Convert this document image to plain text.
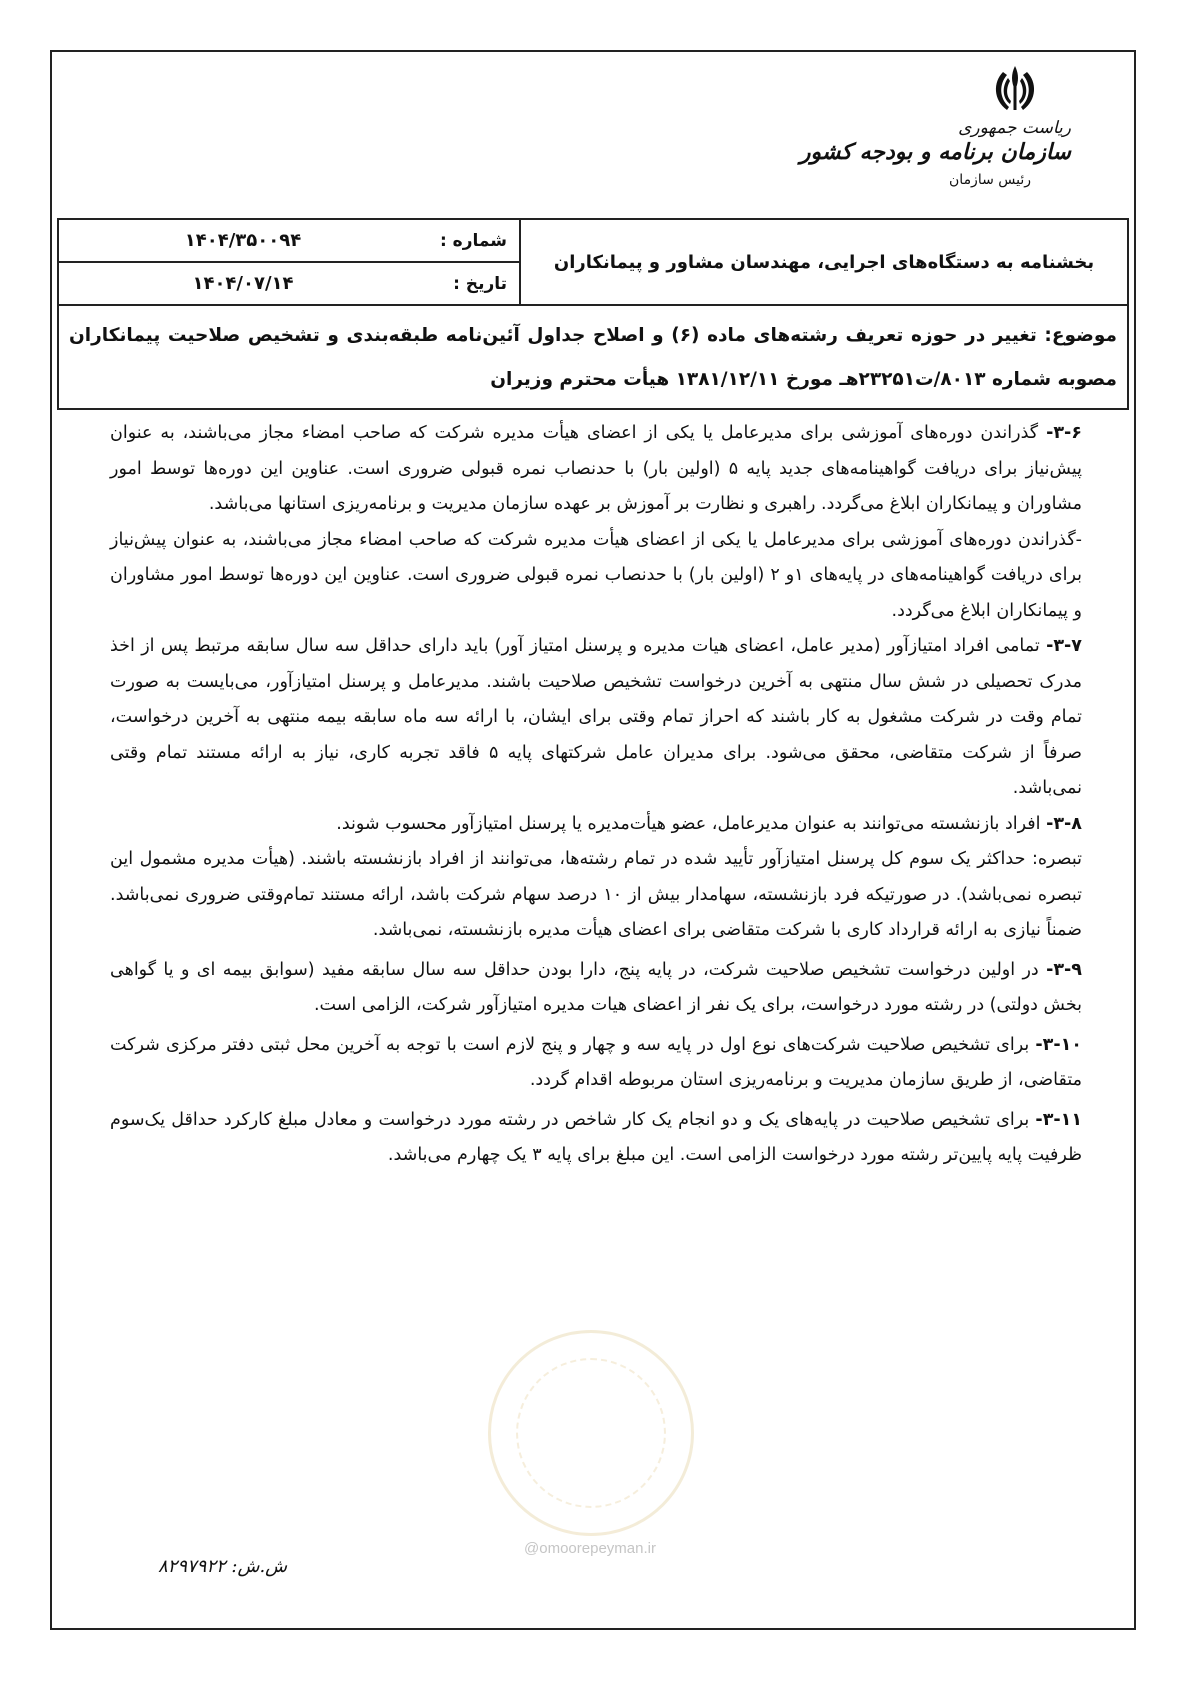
ریاست جمهوری
سازمان برنامه و بودجه کشور
رئیس سازمان
بخشنامه به دستگاه‌های اجرایی، مهندسان مشاور و پیمانکاران
شماره :
۱۴۰۴/۳۵۰۰۹۴
تاریخ :
۱۴۰۴/۰۷/۱۴
موضوع: تغییر در حوزه تعریف رشته‌های ماده (۶) و اصلاح جداول آئین‌نامه طبقه‌بندی و تشخیص صلاحیت پیمانکاران مصوبه شماره ۸۰۱۳/ت۲۳۲۵۱هـ مورخ ۱۳۸۱/۱۲/۱۱ هیأت محترم وزیران

۳-۶- گذراندن دوره‌های آموزشی برای مدیرعامل یا یکی از اعضای هیأت مدیره شرکت که صاحب امضاء مجاز می‌باشند، به عنوان پیش‌نیاز برای دریافت گواهینامه‌های جدید پایه ۵ (اولین بار) با حدنصاب نمره قبولی ضروری است. عناوین این دوره‌ها توسط امور مشاوران و پیمانکاران ابلاغ می‌گردد. راهبری و نظارت بر آموزش بر عهده سازمان مدیریت و برنامه‌ریزی استانها می‌باشد.

-گذراندن دوره‌های آموزشی برای مدیرعامل یا یکی از اعضای هیأت مدیره شرکت که صاحب امضاء مجاز می‌باشند، به عنوان پیش‌نیاز برای دریافت گواهینامه‌های در پایه‌های ۱و ۲ (اولین بار) با حدنصاب نمره قبولی ضروری است. عناوین این دوره‌ها توسط امور مشاوران و پیمانکاران ابلاغ می‌گردد.

۳-۷- تمامی افراد امتیازآور (مدیر عامل، اعضای هیات مدیره و پرسنل امتیاز آور) باید دارای حداقل سه سال سابقه مرتبط پس از اخذ مدرک تحصیلی در شش سال منتهی به آخرین درخواست تشخیص صلاحیت باشند. مدیرعامل و پرسنل امتیازآور، می‌بایست به صورت تمام وقت در شرکت مشغول به کار باشند که احراز تمام وقتی برای ایشان، با ارائه سه ماه سابقه بیمه منتهی به آخرین درخواست، صرفاً از شرکت متقاضی، محقق می‌شود. برای مدیران عامل شرکتهای پایه ۵ فاقد تجربه کاری، نیاز به ارائه مستند تمام وقتی نمی‌باشد.

۳-۸- افراد بازنشسته می‌توانند به عنوان مدیرعامل، عضو هیأت‌مدیره یا پرسنل امتیازآور محسوب شوند.

تبصره: حداکثر یک سوم کل پرسنل امتیازآور تأیید شده در تمام رشته‌ها، می‌توانند از افراد بازنشسته باشند. (هیأت مدیره مشمول این تبصره نمی‌باشد). در صورتیکه فرد بازنشسته، سهامدار بیش از ۱۰ درصد سهام شرکت باشد، ارائه مستند تمام‌وقتی ضروری نمی‌باشد. ضمناً نیازی به ارائه قرارداد کاری با شرکت متقاضی برای اعضای هیأت مدیره بازنشسته، نمی‌باشد.

۳-۹- در اولین درخواست تشخیص صلاحیت شرکت، در پایه پنج، دارا بودن حداقل سه سال سابقه مفید (سوابق بیمه ای و یا گواهی بخش دولتی) در رشته مورد درخواست، برای یک نفر از اعضای هیات مدیره امتیازآور شرکت، الزامی است.

۳-۱۰- برای تشخیص صلاحیت شرکت‌های نوع اول در پایه سه و چهار و پنج لازم است با توجه به آخرین محل ثبتی دفتر مرکزی شرکت متقاضی، از طریق سازمان مدیریت و برنامه‌ریزی استان مربوطه اقدام گردد.

۳-۱۱- برای تشخیص صلاحیت در پایه‌های یک و دو انجام یک کار شاخص در رشته مورد درخواست و معادل مبلغ کارکرد حداقل یک‌سوم ظرفیت پایه پایین‌تر رشته مورد درخواست الزامی است. این مبلغ برای پایه ۳ یک چهارم می‌باشد.

@omoorepeyman.ir
ش.ش: ۸۲۹۷۹۲۲
